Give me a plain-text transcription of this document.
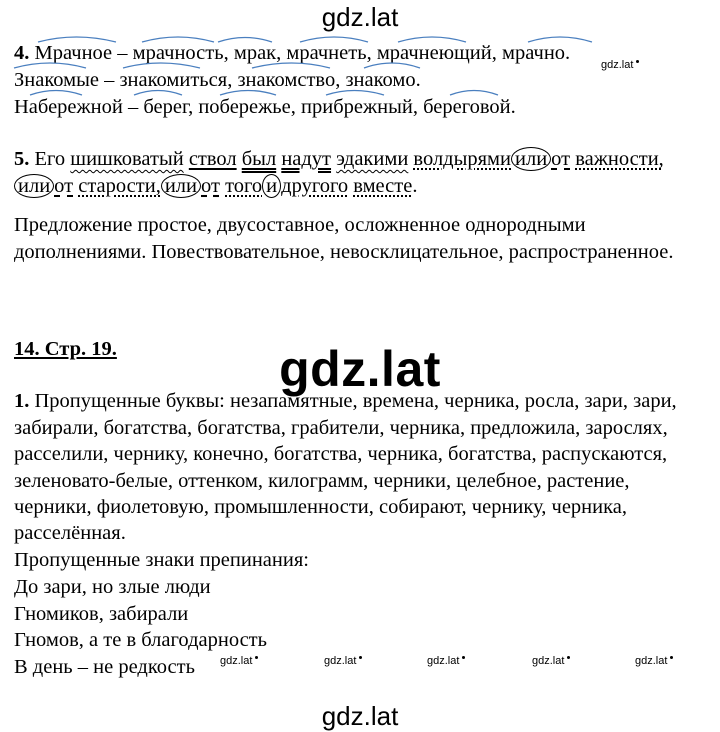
gdz.lat
4. Мрачное – мрачность, мрак, мрачнеть, мрачнеющий, мрачно.
gdz.lat
Знакомые – знакомиться, знакомство, знакомо.
Набережной – берег, побережье, прибрежный, береговой.
5. Его шишковатый ствол был надут эдакими волдырями или от важности,
или от старости, или от того и другого вместе.
Предложение простое, двусоставное, осложненное однородными
дополнениями. Повествовательное, невосклицательное, распространенное.
14. Стр. 19.	gdz.lat
1. Пропущенные буквы: незапамятные, времена, черника, росла, зари, зари,
забирали, богатства, богатства, грабители, черника, предложила, зарослях,
расселили, чернику, конечно, богатства, черника, богатства, распускаются,
зеленовато-белые, оттенком, килограмм, черники, целебное, растение,
черники, фиолетовую, промышленности, собирают, чернику, черника,
расселённая.
Пропущенные знаки препинания:
До зари, но злые люди
Гномиков, забирали
Гномов, а те в благодарность
В день – не редкость gdz.lat	gdz.lat	gdz.lat	gdz.lat	gdz.lat
gdz.lat
